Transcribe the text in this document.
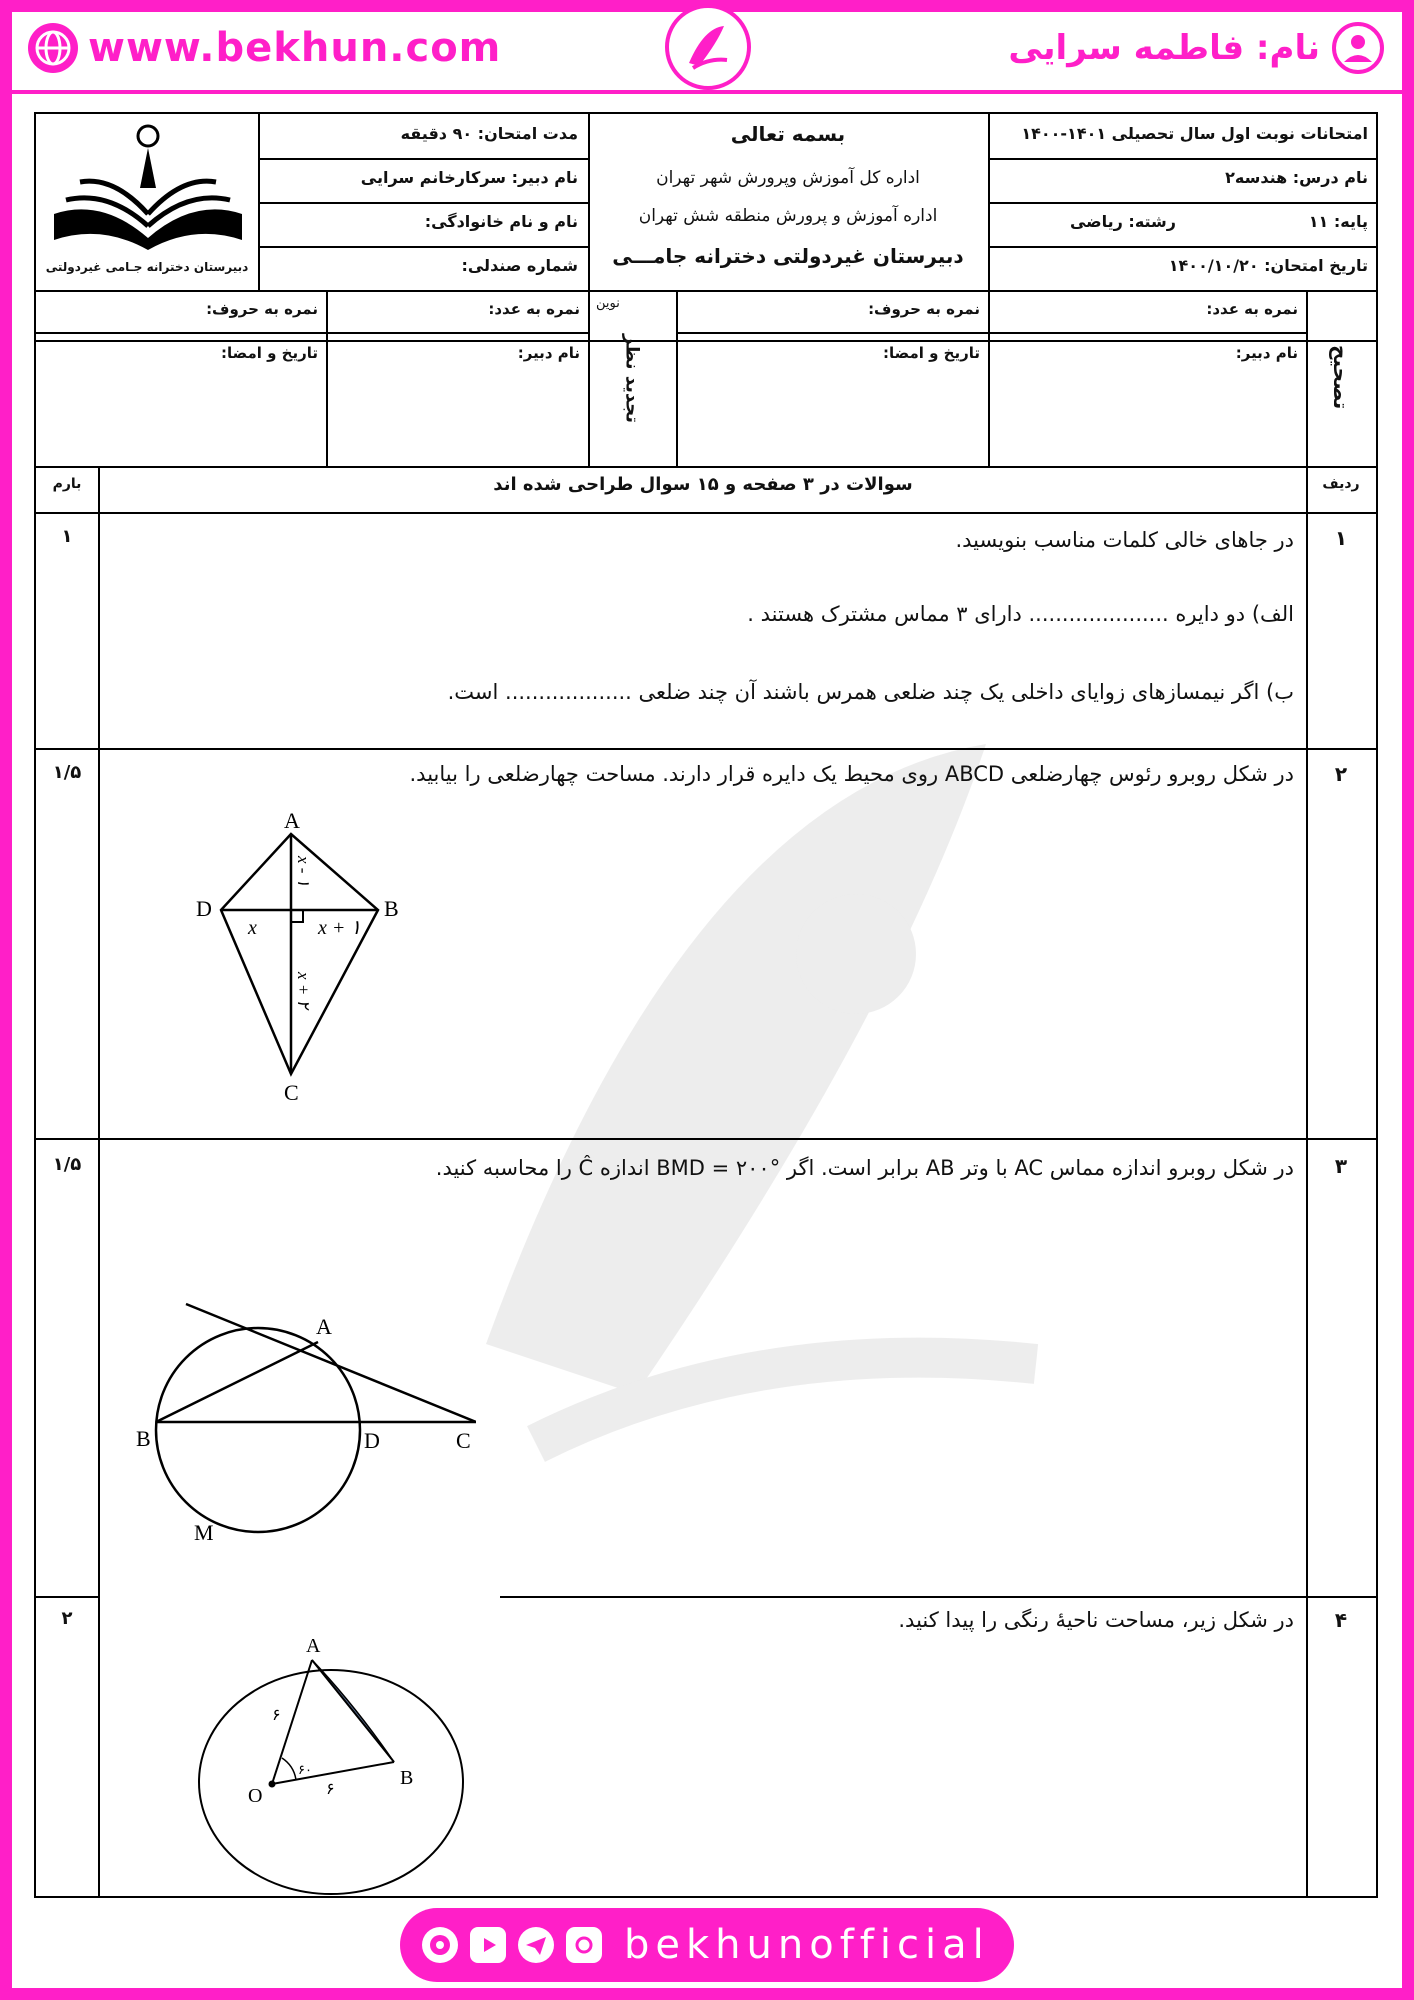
www.bekhun.com	نام: فاطمه سرایی
امتحانات نوبت اول سال تحصیلی ۱۴۰۱-۱۴۰۰
نام درس: هندسه۲
پایه: ۱۱
رشته: ریاضی
تاریخ امتحان: ۱۴۰۰/۱۰/۲۰
بسمه تعالی
اداره کل آموزش وپرورش شهر تهران
اداره آموزش و پرورش منطقه شش تهران
دبیرستان غیردولتی دخترانه جامـــی
نوین
مدت امتحان: ۹۰ دقیقه
نام دبیر: سرکارخانم سرایی
نام و نام خانوادگی:
شماره صندلی:
دبیرستان دخترانه جـامی غیردولتی
تصحیح
نمره به عدد:
نام دبیر:
نمره به حروف:
تاریخ و امضا:
تجدید نظر
نمره به عدد:
نام دبیر:
نمره به حروف:
تاریخ و امضا:
ردیف
بارم	سوالات در ۳ صفحه و ۱۵ سوال طراحی شده اند
۱
۱	در جاهای خالی کلمات مناسب بنویسید.
الف) دو دایره ..................... دارای ۳ مماس مشترک هستند .
ب) اگر نیمسازهای زوایای داخلی یک چند ضلعی همرس باشند آن چند ضلعی ................... است.
۲
۱/۵	در شکل روبرو رئوس چهارضلعی ABCD روی محیط یک دایره قرار دارند. مساحت چهارضلعی را بیابید.
A
D	B
C
x	x + ۱
x - ۱
x + ۲
۳
۱/۵	در شکل روبرو اندازه مماس AC با وتر AB برابر است. اگر BMD = ۲۰۰° اندازه Ĉ را محاسبه کنید.
A
B	D	C
M
۴
۲	در شکل زیر، مساحت ناحیهٔ رنگی را پیدا کنید.
A
B
O
۶
۶
۶۰
bekhunofficial
